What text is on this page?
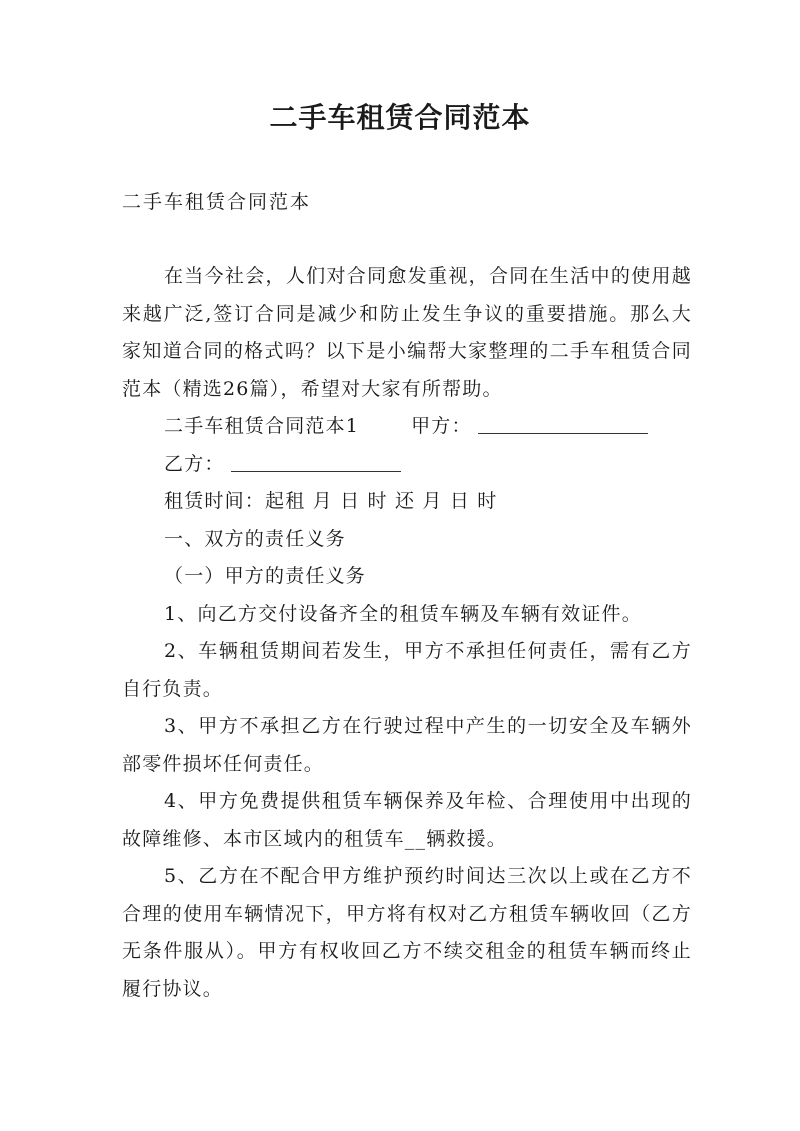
二手车租赁合同范本
二手车租赁合同范本

在当今社会，人们对合同愈发重视，合同在生活中的使用越来越广泛,签订合同是减少和防止发生争议的重要措施。那么大家知道合同的格式吗？以下是小编帮大家整理的二手车租赁合同范本（精选26篇），希望对大家有所帮助。

二手车租赁合同范本1	甲方：

乙方：

租赁时间：起租 月 日 时 还 月 日 时

一、双方的责任义务

（一）甲方的责任义务

1、向乙方交付设备齐全的租赁车辆及车辆有效证件。

2、车辆租赁期间若发生，甲方不承担任何责任，需有乙方自行负责。

3、甲方不承担乙方在行驶过程中产生的一切安全及车辆外部零件损坏任何责任。

4、甲方免费提供租赁车辆保养及年检、合理使用中出现的故障维修、本市区域内的租赁车__辆救援。

5、乙方在不配合甲方维护预约时间达三次以上或在乙方不合理的使用车辆情况下，甲方将有权对乙方租赁车辆收回（乙方无条件服从）。甲方有权收回乙方不续交租金的租赁车辆而终止履行协议。
